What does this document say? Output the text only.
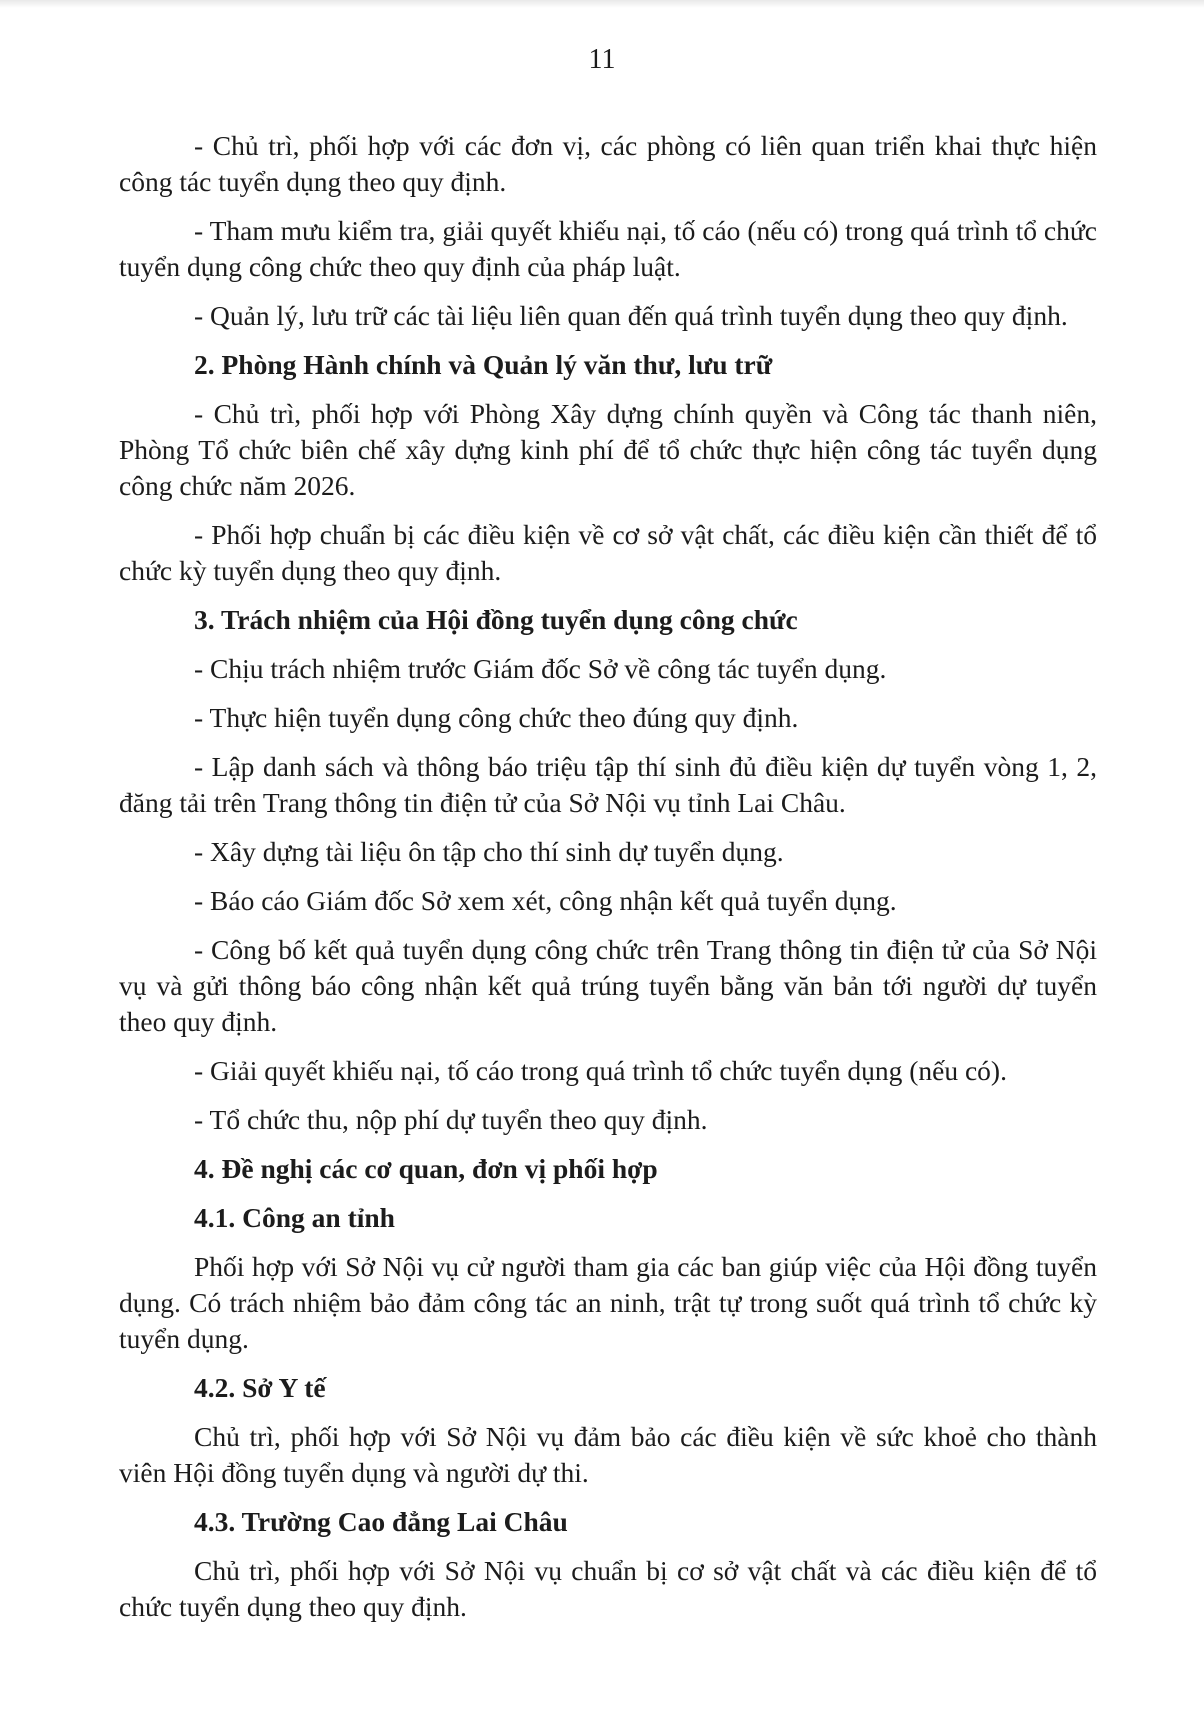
11

- Chủ trì, phối hợp với các đơn vị, các phòng có liên quan triển khai thực hiện công tác tuyển dụng theo quy định.

- Tham mưu kiểm tra, giải quyết khiếu nại, tố cáo (nếu có) trong quá trình tổ chức tuyển dụng công chức theo quy định của pháp luật.

- Quản lý, lưu trữ các tài liệu liên quan đến quá trình tuyển dụng theo quy định.

2. Phòng Hành chính và Quản lý văn thư, lưu trữ

- Chủ trì, phối hợp với Phòng Xây dựng chính quyền và Công tác thanh niên, Phòng Tổ chức biên chế xây dựng kinh phí để tổ chức thực hiện công tác tuyển dụng công chức năm 2026.

- Phối hợp chuẩn bị các điều kiện về cơ sở vật chất, các điều kiện cần thiết để tổ chức kỳ tuyển dụng theo quy định.

3. Trách nhiệm của Hội đồng tuyển dụng công chức

- Chịu trách nhiệm trước Giám đốc Sở về công tác tuyển dụng.

- Thực hiện tuyển dụng công chức theo đúng quy định.

- Lập danh sách và thông báo triệu tập thí sinh đủ điều kiện dự tuyển vòng 1, 2, đăng tải trên Trang thông tin điện tử của Sở Nội vụ tỉnh Lai Châu.

- Xây dựng tài liệu ôn tập cho thí sinh dự tuyển dụng.

- Báo cáo Giám đốc Sở xem xét, công nhận kết quả tuyển dụng.

- Công bố kết quả tuyển dụng công chức trên Trang thông tin điện tử của Sở Nội vụ và gửi thông báo công nhận kết quả trúng tuyển bằng văn bản tới người dự tuyển theo quy định.

- Giải quyết khiếu nại, tố cáo trong quá trình tổ chức tuyển dụng (nếu có).

- Tổ chức thu, nộp phí dự tuyển theo quy định.

4. Đề nghị các cơ quan, đơn vị phối hợp

4.1. Công an tỉnh

Phối hợp với Sở Nội vụ cử người tham gia các ban giúp việc của Hội đồng tuyển dụng. Có trách nhiệm bảo đảm công tác an ninh, trật tự trong suốt quá trình tổ chức kỳ tuyển dụng.

4.2. Sở Y tế

Chủ trì, phối hợp với Sở Nội vụ đảm bảo các điều kiện về sức khoẻ cho thành viên Hội đồng tuyển dụng và người dự thi.

4.3. Trường Cao đẳng Lai Châu

Chủ trì, phối hợp với Sở Nội vụ chuẩn bị cơ sở vật chất và các điều kiện để tổ chức tuyển dụng theo quy định.
